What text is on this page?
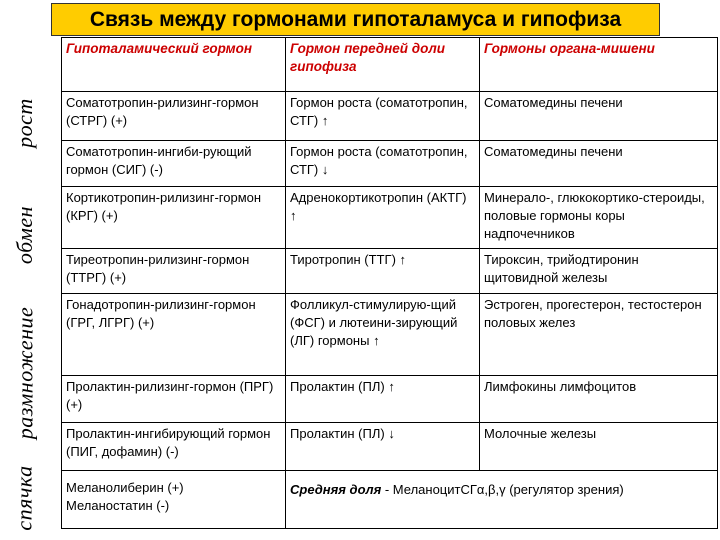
Связь между гормонами гипоталамуса и гипофиза
рост
обмен
размножение
спячка
Гипоталамический гормон	Гормон передней доли гипофиза	Гормоны органа-мишени
Соматотропин-рилизинг-гормон (СТРГ) (+)	Гормон роста (соматотропин, СТГ) ↑	Соматомедины печени
Соматотропин-ингиби-рующий гормон (СИГ) (-)	Гормон роста (соматотропин, СТГ) ↓	Соматомедины печени
Кортикотропин-рилизинг-гормон (КРГ) (+)	Адренокортикотропин (АКТГ) ↑	Минерало-, глюкокортико-стероиды, половые гормоны коры надпочечников
Тиреотропин-рилизинг-гормон (ТТРГ) (+)	Тиротропин (ТТГ) ↑	Тироксин, трийодтиронин щитовидной железы
Гонадотропин-рилизинг-гормон (ГРГ, ЛГРГ) (+)	Фолликул-стимулирую-щий (ФСГ) и лютеини-зирующий (ЛГ) гормоны ↑	Эстроген, прогестерон, тестостерон половых желез
Пролактин-рилизинг-гормон (ПРГ) (+)	Пролактин (ПЛ) ↑	Лимфокины лимфоцитов
Пролактин-ингибирующий гормон (ПИГ, дофамин) (-)	Пролактин (ПЛ) ↓	Молочные железы

Меланолиберин (+)
Меланостатин (-)	Средняя доля - МеланоцитСГα,β,γ (регулятор зрения)	
